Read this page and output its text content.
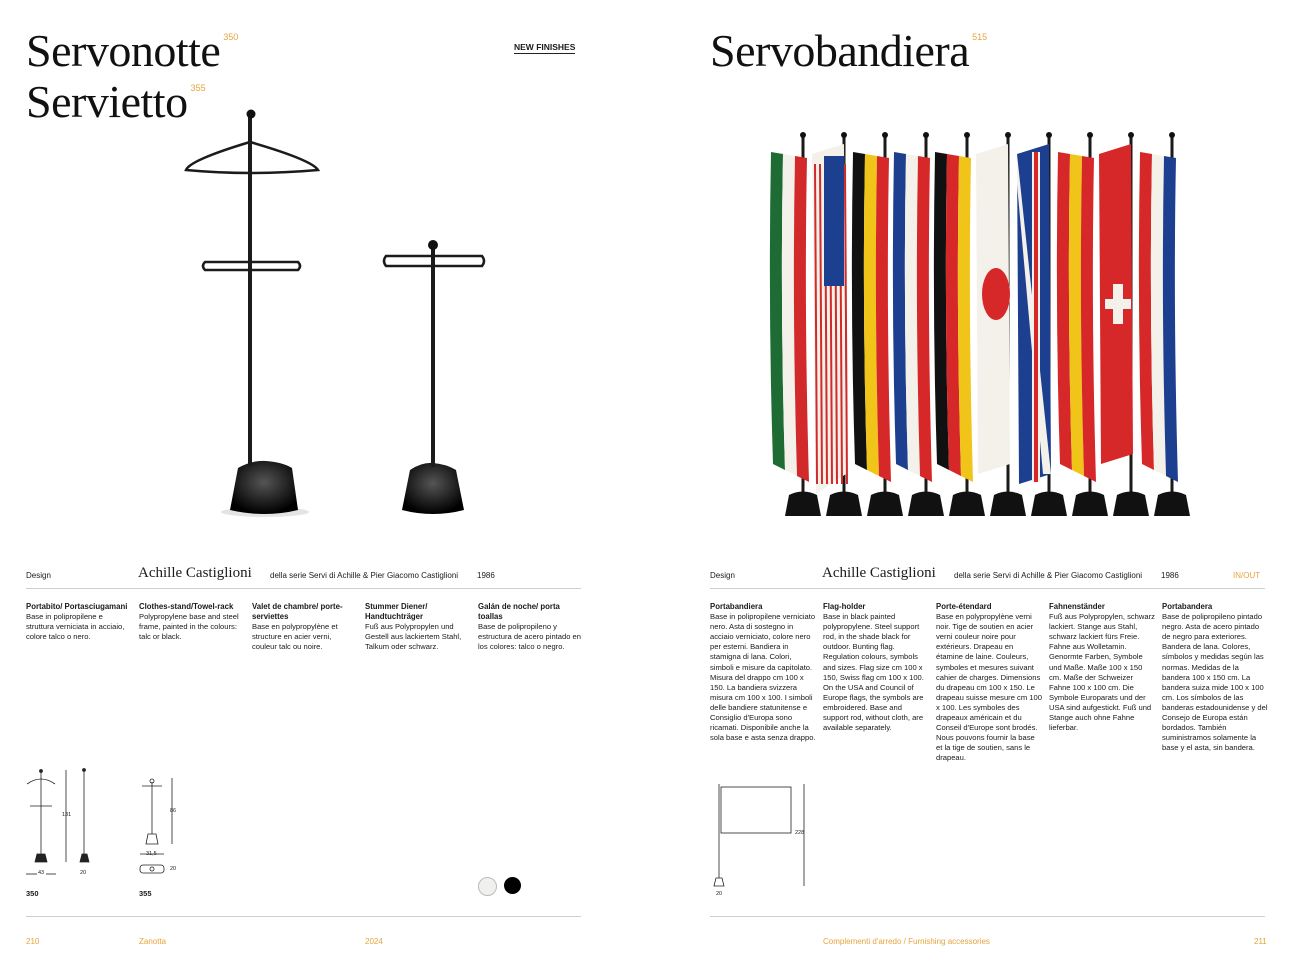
Servonotte $^{350}$
Servietto $^{355}$
NEW FINISHES
Design	Achille Castiglioni della serie Servi di Achille & Pier Giacomo Castiglioni 1986
Portabito/ Portasciugamani
Base in polipropilene e struttura verniciata in acciaio, colore talco o nero.
Clothes-stand/Towel-rack
Polypropylene base and steel frame, painted in the colours: talc or black.
Valet de chambre/ porte-serviettes
Base en polypropylène et structure en acier verni, couleur talc ou noire.
Stummer Diener/ Handtuchträger
Fuß aus Polypropylen und Gestell aus lackiertem Stahl, Talkum oder schwarz.
Galán de noche/ porta toallas
Base de polipropileno y estructura de acero pintado en los colores: talco o negro.
131
43	20
86
31,5
20
350	355
210	Zanotta	2024
Servobandiera $^{515}$
Design	Achille Castiglioni della serie Servi di Achille & Pier Giacomo Castiglioni 1986	IN/OUT
Portabandiera
Base in polipropilene verniciato nero. Asta di sostegno in acciaio verniciato, colore nero per esterni. Bandiera in stamigna di lana. Colori, simboli e misure da capitolato. Misura del drappo cm 100 x 150. La bandiera svizzera misura cm 100 x 100. I simboli delle bandiere statunitense e Consiglio d'Europa sono ricamati. Disponibile anche la sola base e asta senza drappo.
Flag-holder
Base in black painted polypropylene. Steel support rod, in the shade black for outdoor. Bunting flag. Regulation colours, symbols and sizes. Flag size cm 100 x 150, Swiss flag cm 100 x 100. On the USA and Council of Europe flags, the symbols are embroidered. Base and support rod, without cloth, are available separately.
Porte-étendard
Base en polypropylène verni noir. Tige de soutien en acier verni couleur noire pour extérieurs. Drapeau en étamine de laine. Couleurs, symboles et mesures suivant cahier de charges. Dimensions du drapeau cm 100 x 150. Le drapeau suisse mesure cm 100 x 100. Les symboles des drapeaux américain et du Conseil d'Europe sont brodés. Nous pouvons fournir la base et la tige de soutien, sans le drapeau.
Fahnenständer
Fuß aus Polypropylen, schwarz lackiert. Stange aus Stahl, schwarz lackiert fürs Freie. Fahne aus Wolletamin. Genormte Farben, Symbole und Maße. Maße 100 x 150 cm. Maße der Schweizer Fahne 100 x 100 cm. Die Symbole Europarats und der USA sind aufgestickt. Fuß und Stange auch ohne Fahne lieferbar.
Portabandera
Base de polipropileno pintado negro. Asta de acero pintado de negro para exteriores. Bandera de lana. Colores, símbolos y medidas según las normas. Medidas de la bandera 100 x 150 cm. La bandera suiza mide 100 x 100 cm. Los símbolos de las banderas estadounidense y del Consejo de Europa están bordados. También suministramos solamente la base y el asta, sin bandera.
228
20
Complementi d'arredo / Furnishing accessories	211
